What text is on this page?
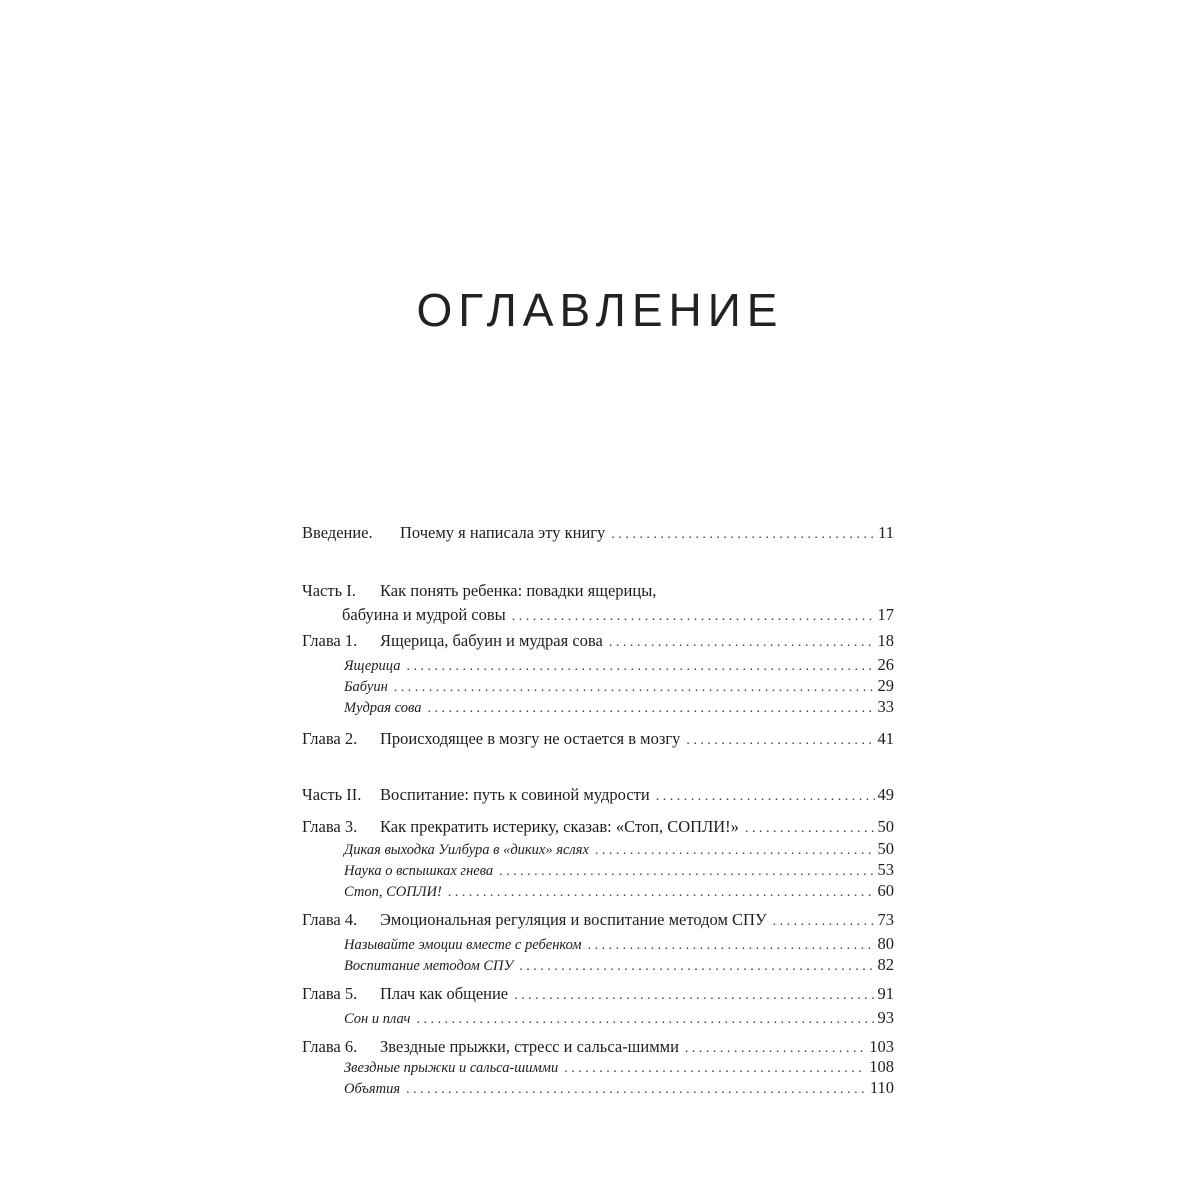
ОГЛАВЛЕНИЕ
Введение.	Почему я написала эту книгу . . .	11
Часть I.	Как понять ребенка: повадки ящерицы,
бабуина и мудрой совы . . .	17
Глава 1.	Ящерица, бабуин и мудрая сова . . .	18
Ящерица . . .	26
Бабуин . . .	29
Мудрая сова . . .	33
Глава 2.	Происходящее в мозгу не остается в мозгу . . .	41
Часть II.	Воспитание: путь к совиной мудрости . . .	49
Глава 3.	Как прекратить истерику, сказав: «Стоп, СОПЛИ!» . . .	50
Дикая выходка Уилбура в «диких» яслях . . .	50
Наука о вспышках гнева . . .	53
Стоп, СОПЛИ! . . .	60
Глава 4.	Эмоциональная регуляция и воспитание методом СПУ . . .	73
Называйте эмоции вместе с ребенком . . .	80
Воспитание методом СПУ . . .	82
Глава 5.	Плач как общение . . .	91
Сон и плач . . .	93
Глава 6.	Звездные прыжки, стресс и сальса-шимми . . .	103
Звездные прыжки и сальса-шимми . . .	108
Объятия . . .	110
